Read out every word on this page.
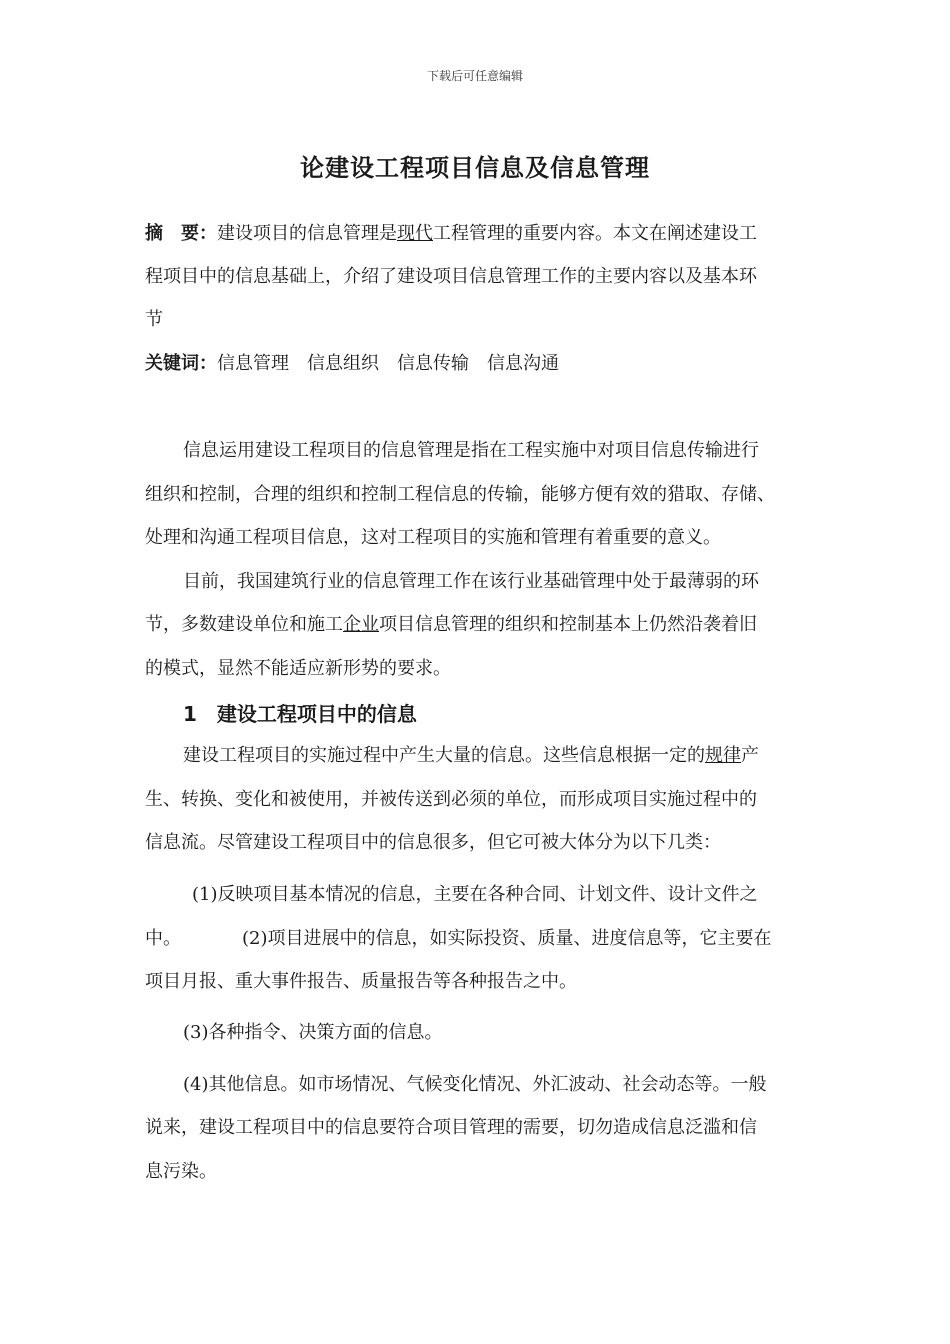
下载后可任意编辑
论建设工程项目信息及信息管理
摘　要：建设项目的信息管理是现代工程管理的重要内容。本文在阐述建设工
程项目中的信息基础上，介绍了建设项目信息管理工作的主要内容以及基本环
节
关键词：信息管理　信息组织　信息传输　信息沟通
信息运用建设工程项目的信息管理是指在工程实施中对项目信息传输进行
组织和控制，合理的组织和控制工程信息的传输，能够方便有效的猎取、存储、
处理和沟通工程项目信息，这对工程项目的实施和管理有着重要的意义。
目前，我国建筑行业的信息管理工作在该行业基础管理中处于最薄弱的环
节，多数建设单位和施工企业项目信息管理的组织和控制基本上仍然沿袭着旧
的模式，显然不能适应新形势的要求。
1　建设工程项目中的信息
建设工程项目的实施过程中产生大量的信息。这些信息根据一定的规律产
生、转换、变化和被使用，并被传送到必须的单位，而形成项目实施过程中的
信息流。尽管建设工程项目中的信息很多，但它可被大体分为以下几类：
(1)反映项目基本情况的信息，主要在各种合同、计划文件、设计文件之
中。	(2)项目进展中的信息，如实际投资、质量、进度信息等，它主要在
项目月报、重大事件报告、质量报告等各种报告之中。
(3)各种指令、决策方面的信息。
(4)其他信息。如市场情况、气候变化情况、外汇波动、社会动态等。一般
说来，建设工程项目中的信息要符合项目管理的需要，切勿造成信息泛滥和信
息污染。
